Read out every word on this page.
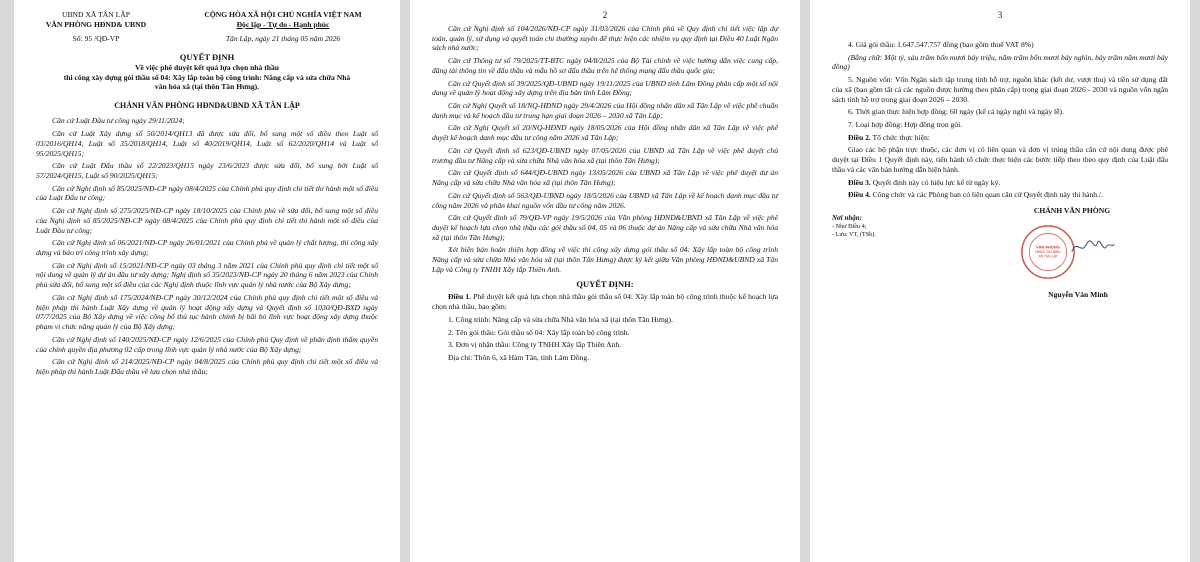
UBND XÃ TÂN LẬP
VĂN PHÒNG HĐND& UBND
Số: 95 /QĐ-VP
CỘNG HÒA XÃ HỘI CHỦ NGHĨA VIỆT NAM
Độc lập - Tự do - Hạnh phúc
Tân Lập, ngày 21 tháng 05 năm 2026
QUYẾT ĐỊNH
Về việc phê duyệt kết quả lựa chọn nhà thầu
thi công xây dựng gói thầu số 04: Xây lắp toàn bộ công trình: Nâng cấp và sửa chữa Nhà văn hóa xã (tại thôn Tân Hưng).
CHÁNH VĂN PHÒNG HĐND&UBND XÃ TÂN LẬP

Căn cứ Luật Đầu tư công ngày 29/11/2024;

Căn cứ Luật Xây dựng số 50/2014/QH13 đã được sửa đổi, bổ sung một số điều theo Luật số 03/2016/QH14, Luật số 35/2018/QH14, Luật số 40/2019/QH14, Luật số 62/2020/QH14 và Luật số 95/2025/QH15;

Căn cứ Luật Đấu thầu số 22/2023/QH15 ngày 23/6/2023 được sửa đổi, bổ sung bởi Luật số 57/2024/QH15, Luật số 90/2025/QH15;

Căn cứ Nghị định số 85/2025/NĐ-CP ngày 08/4/2025 của Chính phủ quy định chi tiết thi hành một số điều của Luật Đấu tư công;

Căn cứ Nghị định số 275/2025/NĐ-CP ngày 18/10/2025 của Chính phủ về sửa đổi, bổ sung một số điều của Nghị định số 85/2025/NĐ-CP ngày 08/4/2025 của Chính phủ quy định chi tiết thi hành một số điều của Luật Đầu tư công;

Căn cứ Nghị định số 06/2021/NĐ-CP ngày 26/01/2021 của Chính phủ về quản lý chất lượng, thi công xây dựng và bảo trì công trình xây dựng;

Căn cứ Nghị định số 15/2021/NĐ-CP ngày 03 tháng 3 năm 2021 của Chính phủ quy định chi tiết một số nội dung về quản lý dự án đầu tư xây dựng; Nghị định số 35/2023/NĐ-CP ngày 20 tháng 6 năm 2023 của Chính phủ sửa đổi, bổ sung một số điều của các Nghị định thuộc lĩnh vực quản lý nhà nước của Bộ Xây dựng;

Căn cứ Nghị định số 175/2024/NĐ-CP ngày 30/12/2024 của Chính phủ quy định chi tiết một số điều và biện pháp thi hành Luật Xây dựng về quản lý hoạt động xây dựng và Quyết định số 1030/QĐ-BXD ngày 07/7/2025 của Bộ Xây dựng về việc công bố thủ tục hành chính bị bãi bỏ lĩnh vực hoạt động xây dựng thuộc phạm vi chức năng quản lý của Bộ Xây dựng;

Căn cứ Nghị định số 140/2025/NĐ-CP ngày 12/6/2025 của Chính phủ Quy định về phân định thẩm quyền của chính quyền địa phương 02 cấp trong lĩnh vực quản lý nhà nước của Bộ Xây dựng;

Căn cứ Nghị định số 214/2025/NĐ-CP ngày 04/8/2025 của Chính phủ quy định chi tiết một số điều và biện pháp thi hành Luật Đấu thầu về lựa chọn nhà thầu;

2

Căn cứ Nghị định số 104/2026/NĐ-CP ngày 31/03/2026 của Chính phủ về Quy định chi tiết việc lập dự toán, quản lý, sử dụng và quyết toán chi thường xuyên để thực hiện các nhiệm vụ quy định tại Điều 40 Luật Ngân sách nhà nước;

Căn cứ Thông tư số 79/2025/TT-BTC ngày 04/8/2025 của Bộ Tài chính về việc hướng dẫn việc cung cấp, đăng tải thông tin về đấu thầu và mẫu hồ sơ đấu thầu trên hệ thống mạng đấu thầu quốc gia;

Căn cứ Quyết định số 39/2025/QĐ-UBND ngày 19/11/2025 của UBND tỉnh Lâm Đồng phân cấp một số nội dung về quản lý hoạt động xây dựng trên địa bàn tỉnh Lâm Đồng;

Căn cứ Nghị Quyết số 18/NQ-HĐND ngày 29/4/2026 của Hội đồng nhân dân xã Tân Lập về việc phê chuẩn danh mục và kế hoạch đầu tư trung hạn giai đoạn 2026 – 2030 xã Tân Lập;

Căn cứ Nghị Quyết số 20/NQ-HĐND ngày 18/05/2026 của Hội đồng nhân dân xã Tân Lập về việc phê duyệt kế hoạch danh mục đầu tư công năm 2026 xã Tân Lập;

Căn cứ Quyết định số 623/QĐ-UBND ngày 07/05/2026 của UBND xã Tân Lập về việc phê duyệt chủ trương đầu tư Nâng cấp và sửa chữa Nhà văn hóa xã (tại thôn Tân Hưng);

Căn cứ Quyết định số 644/QĐ-UBND ngày 13/05/2026 của UBND xã Tân Lập về việc phê duyệt dự án Nâng cấp và sửa chữa Nhà văn hóa xã (tại thôn Tân Hưng);

Căn cứ Quyết định số 563/QĐ-UBND ngày 18/5/2026 của UBND xã Tân Lập về kế hoạch danh mục đầu tư công năm 2026 và phân khai nguồn vốn đầu tư công năm 2026.

Căn cứ Quyết định số 79/QĐ-VP ngày 19/5/2026 của Văn phòng HĐND&UBND xã Tân Lập về việc phê duyệt kế hoạch lựa chọn nhà thầu các gói thầu số 04, 05 và 06 thuộc dự án Nâng cấp và sửa chữa Nhà văn hóa xã (tại thôn Tân Hưng);

Xét biên bản hoàn thiện hợp đồng về việc thi công xây dựng gói thầu số 04: Xây lắp toàn bộ công trình Nâng cấp và sửa chữa Nhà văn hóa xã (tại thôn Tân Hưng) được ký kết giữa Văn phòng HĐND&UBND xã Tân Lập và Công ty TNHH Xây lắp Thiên Anh.

QUYẾT ĐỊNH:

Điều 1. Phê duyệt kết quả lựa chọn nhà thầu gói thầu số 04: Xây lắp toàn bộ công trình thuộc kế hoạch lựa chọn nhà thầu, bao gồm:

1. Công trình: Nâng cấp và sửa chữa Nhà văn hóa xã (tại thôn Tân Hưng).

2. Tên gói thầu: Gói thầu số 04: Xây lắp toàn bộ công trình.

3. Đơn vị nhận thầu: Công ty TNHH Xây lắp Thiên Anh.

Địa chỉ: Thôn 6, xã Hàm Tân, tỉnh Lâm Đồng.

3

4. Giá gói thầu: 1.647.547.757 đồng (bao gồm thuế VAT 8%)

(Bằng chữ: Một tỷ, sáu trăm bốn mươi bảy triệu, năm trăm bốn mươi bảy nghìn, bảy trăm năm mươi bảy đồng)

5. Nguồn vốn: Vốn Ngân sách tập trung tỉnh hỗ trợ, nguồn khác (kết dư, vượt thu) và tiền sử dụng đất của xã (bao gồm tất cả các nguồn được hưởng theo phân cấp) trong giai đoạn 2026 - 2030 và nguồn vốn ngân sách tỉnh hỗ trợ trong giai đoạn 2026 – 2030.

6. Thời gian thực hiện hợp đồng: 60 ngày (kể cả ngày nghỉ và ngày lễ).

7. Loại hợp đồng: Hợp đồng trọn gói.

Điều 2. Tổ chức thực hiện:

Giao các bộ phận trực thuộc, các đơn vị có liên quan và đơn vị trúng thầu căn cứ nội dung được phê duyệt tại Điều 1 Quyết định này, tiến hành tổ chức thực hiện các bước tiếp theo theo quy định của Luật đấu thầu và các văn bản hướng dẫn hiện hành.

Điều 3. Quyết định này có hiệu lực kể từ ngày ký.

Điều 4. Công chức và các Phòng ban có liên quan căn cứ Quyết định này thi hành./.

Nơi nhận:
- Như Điều 4;
- Lưu: VT, (TSb).
CHÁNH VĂN PHÒNG
VĂN PHÒNG
HĐND VÀ UBND
XÃ TÂN LẬP
* * *
Nguyễn Văn Minh
